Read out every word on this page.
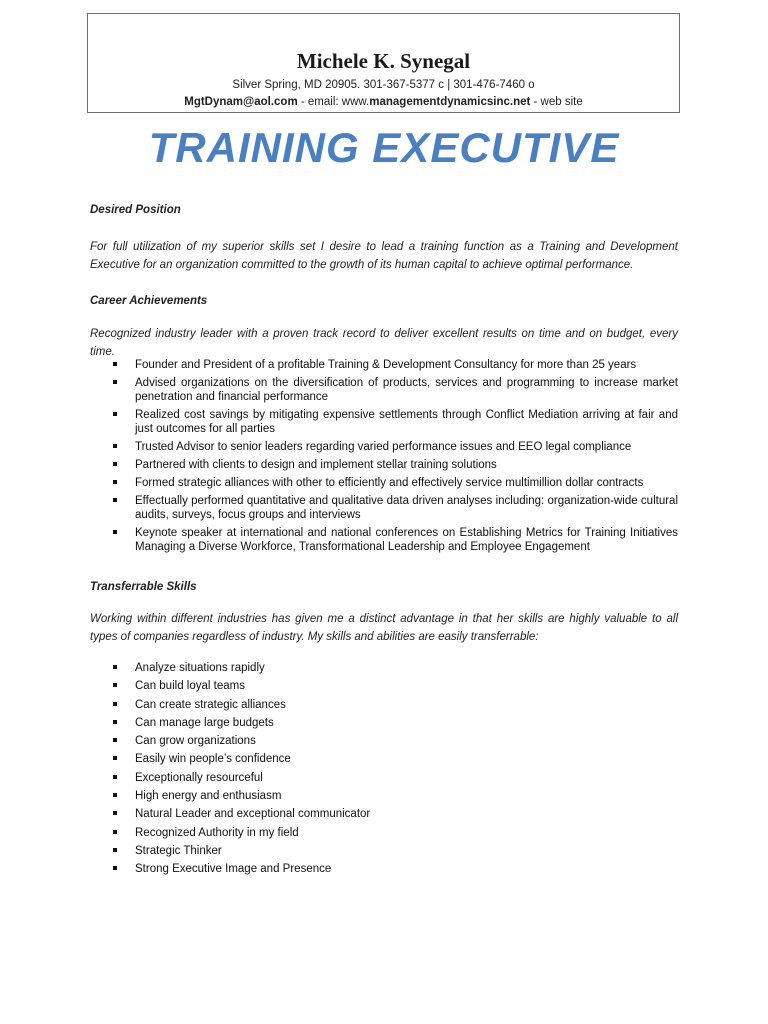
Michele K. Synegal
Silver Spring, MD 20905. 301-367-5377 c | 301-476-7460 o
MgtDynam@aol.com - email: www.managementdynamicsinc.net - web site
TRAINING EXECUTIVE
Desired Position
For full utilization of my superior skills set I desire to lead a training function as a Training and Development Executive for an organization committed to the growth of its human capital to achieve optimal performance.
Career Achievements
Recognized industry leader with a proven track record to deliver excellent results on time and on budget, every time.
Founder and President of a profitable Training & Development Consultancy for more than 25 years
Advised organizations on the diversification of products, services and programming to increase market penetration and financial performance
Realized cost savings by mitigating expensive settlements through Conflict Mediation arriving at fair and just outcomes for all parties
Trusted Advisor to senior leaders regarding varied performance issues and EEO legal compliance
Partnered with clients to design and implement stellar training solutions
Formed strategic alliances with other to efficiently and effectively service multimillion dollar contracts
Effectually performed quantitative and qualitative data driven analyses including: organization-wide cultural audits, surveys, focus groups and interviews
Keynote speaker at international and national conferences on Establishing Metrics for Training Initiatives Managing a Diverse Workforce, Transformational Leadership and Employee Engagement
Transferrable Skills
Working within different industries has given me a distinct advantage in that her skills are highly valuable to all types of companies regardless of industry. My skills and abilities are easily transferrable:
Analyze situations rapidly
Can build loyal teams
Can create strategic alliances
Can manage large budgets
Can grow organizations
Easily win people’s confidence
Exceptionally resourceful
High energy and enthusiasm
Natural Leader and exceptional communicator
Recognized Authority in my field
Strategic Thinker
Strong Executive Image and Presence
